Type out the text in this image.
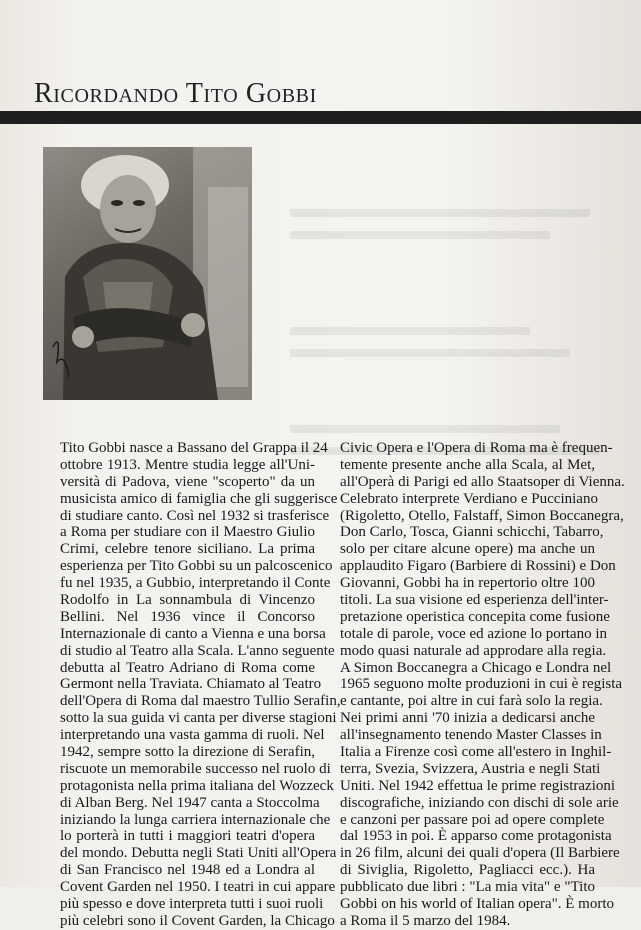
Ricordando Tito Gobbi
Tito Gobbi nasce a Bassano del Grappa il 24
ottobre 1913. Mentre studia legge all'Uni-
versità di Padova, viene "scoperto" da un
musicista amico di famiglia che gli suggerisce
di studiare canto. Così nel 1932 si trasferisce
a Roma per studiare con il Maestro Giulio
Crimi, celebre tenore siciliano. La prima
esperienza per Tito Gobbi su un palcoscenico
fu nel 1935, a Gubbio, interpretando il Conte
Rodolfo in La sonnambula di Vincenzo
Bellini. Nel 1936 vince il Concorso
Internazionale di canto a Vienna e una borsa
di studio al Teatro alla Scala. L'anno seguente
debutta al Teatro Adriano di Roma come
Germont nella Traviata. Chiamato al Teatro
dell'Opera di Roma dal maestro Tullio Serafin,
sotto la sua guida vi canta per diverse stagioni
interpretando una vasta gamma di ruoli. Nel
1942, sempre sotto la direzione di Serafin,
riscuote un memorabile successo nel ruolo di
protagonista nella prima italiana del Wozzeck
di Alban Berg. Nel 1947 canta a Stoccolma
iniziando la lunga carriera internazionale che
lo porterà in tutti i maggiori teatri d'opera
del mondo. Debutta negli Stati Uniti all'Opera
di San Francisco nel 1948 ed a Londra al
Covent Garden nel 1950. I teatri in cui appare
più spesso e dove interpreta tutti i suoi ruoli
più celebri sono il Covent Garden, la Chicago
Civic Opera e l'Opera di Roma ma è frequen-
temente presente anche alla Scala, al Met,
all'Operà di Parigi ed allo Staatsoper di Vienna.
Celebrato interprete Verdiano e Pucciniano
(Rigoletto, Otello, Falstaff, Simon Boccanegra,
Don Carlo, Tosca, Gianni schicchi, Tabarro,
solo per citare alcune opere) ma anche un
applaudito Figaro (Barbiere di Rossini) e Don
Giovanni, Gobbi ha in repertorio oltre 100
titoli. La sua visione ed esperienza dell'inter-
pretazione operistica concepita come fusione
totale di parole, voce ed azione lo portano in
modo quasi naturale ad approdare alla regia.
A Simon Boccanegra a Chicago e Londra nel
1965 seguono molte produzioni in cui è regista
e cantante, poi altre in cui farà solo la regia.
Nei primi anni '70 inizia a dedicarsi anche
all'insegnamento tenendo Master Classes in
Italia a Firenze così come all'estero in Inghil-
terra, Svezia, Svizzera, Austria e negli Stati
Uniti. Nel 1942 effettua le prime registrazioni
discografiche, iniziando con dischi di sole arie
e canzoni per passare poi ad opere complete
dal 1953 in poi. È apparso come protagonista
in 26 film, alcuni dei quali d'opera (Il Barbiere
di Siviglia, Rigoletto, Pagliacci ecc.). Ha
pubblicato due libri : "La mia vita" e "Tito
Gobbi on his world of Italian opera". È morto
a Roma il 5 marzo del 1984.
